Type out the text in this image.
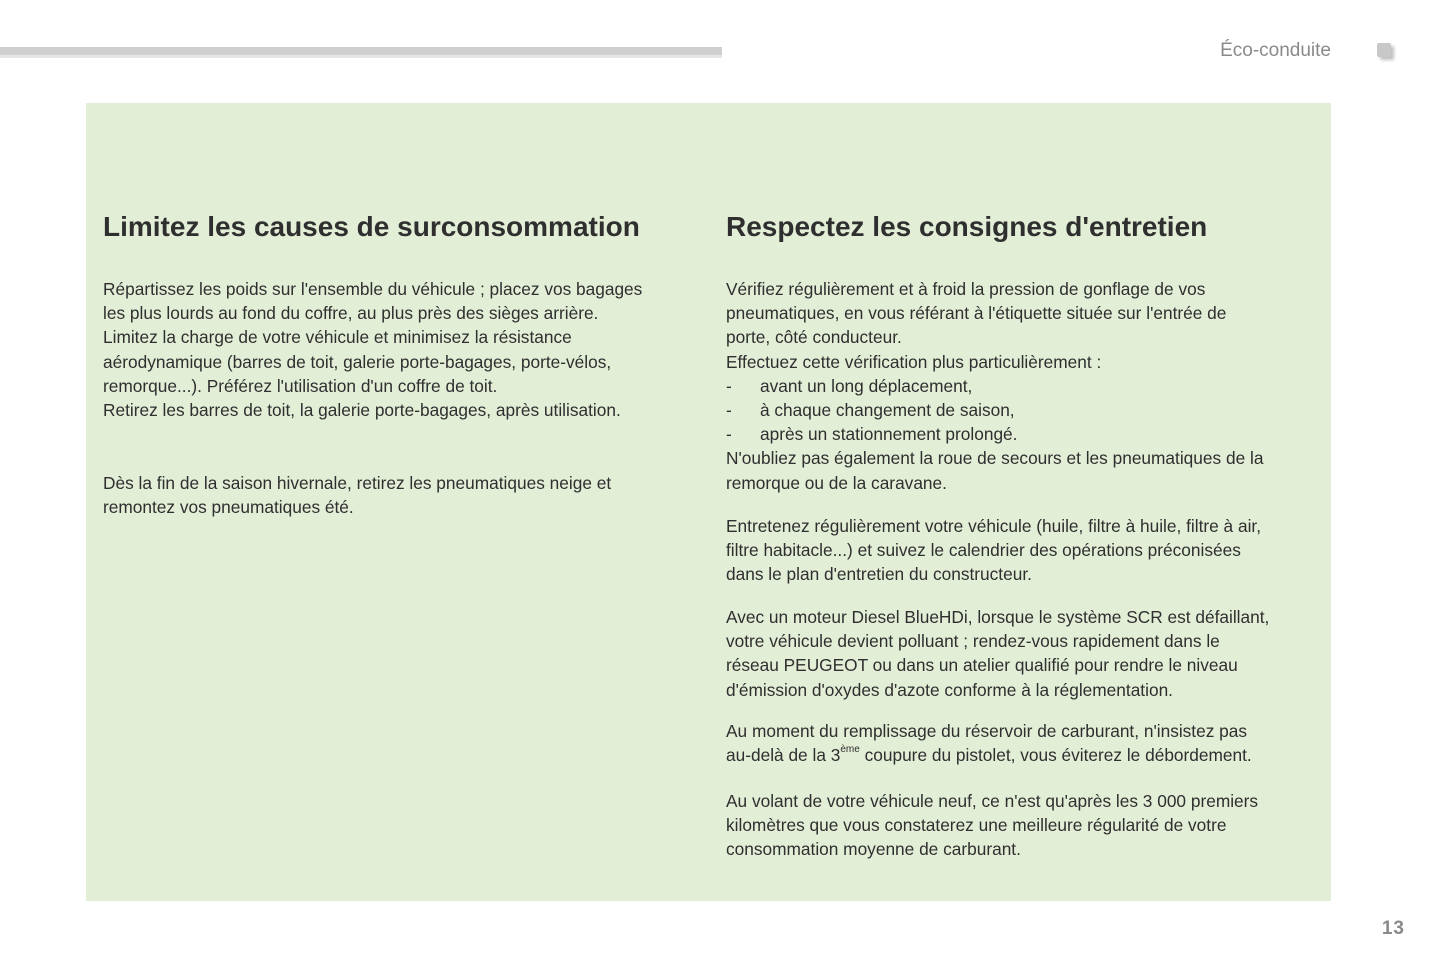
Éco-conduite
Limitez les causes de surconsommation

Répartissez les poids sur l'ensemble du véhicule ; placez vos bagages
les plus lourds au fond du coffre, au plus près des sièges arrière.
Limitez la charge de votre véhicule et minimisez la résistance
aérodynamique (barres de toit, galerie porte-bagages, porte-vélos,
remorque...). Préférez l'utilisation d'un coffre de toit.
Retirez les barres de toit, la galerie porte-bagages, après utilisation.

Dès la fin de la saison hivernale, retirez les pneumatiques neige et
remontez vos pneumatiques été.

Respectez les consignes d'entretien

Vérifiez régulièrement et à froid la pression de gonflage de vos
pneumatiques, en vous référant à l'étiquette située sur l'entrée de
porte, côté conducteur.
Effectuez cette vérification plus particulièrement :
- avant un long déplacement,
- à chaque changement de saison,
- après un stationnement prolongé.
N'oubliez pas également la roue de secours et les pneumatiques de la
remorque ou de la caravane.

Entretenez régulièrement votre véhicule (huile, filtre à huile, filtre à air,
filtre habitacle...) et suivez le calendrier des opérations préconisées
dans le plan d'entretien du constructeur.

Avec un moteur Diesel BlueHDi, lorsque le système SCR est défaillant,
votre véhicule devient polluant ; rendez-vous rapidement dans le
réseau PEUGEOT ou dans un atelier qualifié pour rendre le niveau
d'émission d'oxydes d'azote conforme à la réglementation.

Au moment du remplissage du réservoir de carburant, n'insistez pas
au-delà de la 3ème coupure du pistolet, vous éviterez le débordement.

Au volant de votre véhicule neuf, ce n'est qu'après les 3 000 premiers
kilomètres que vous constaterez une meilleure régularité de votre
consommation moyenne de carburant.

13
